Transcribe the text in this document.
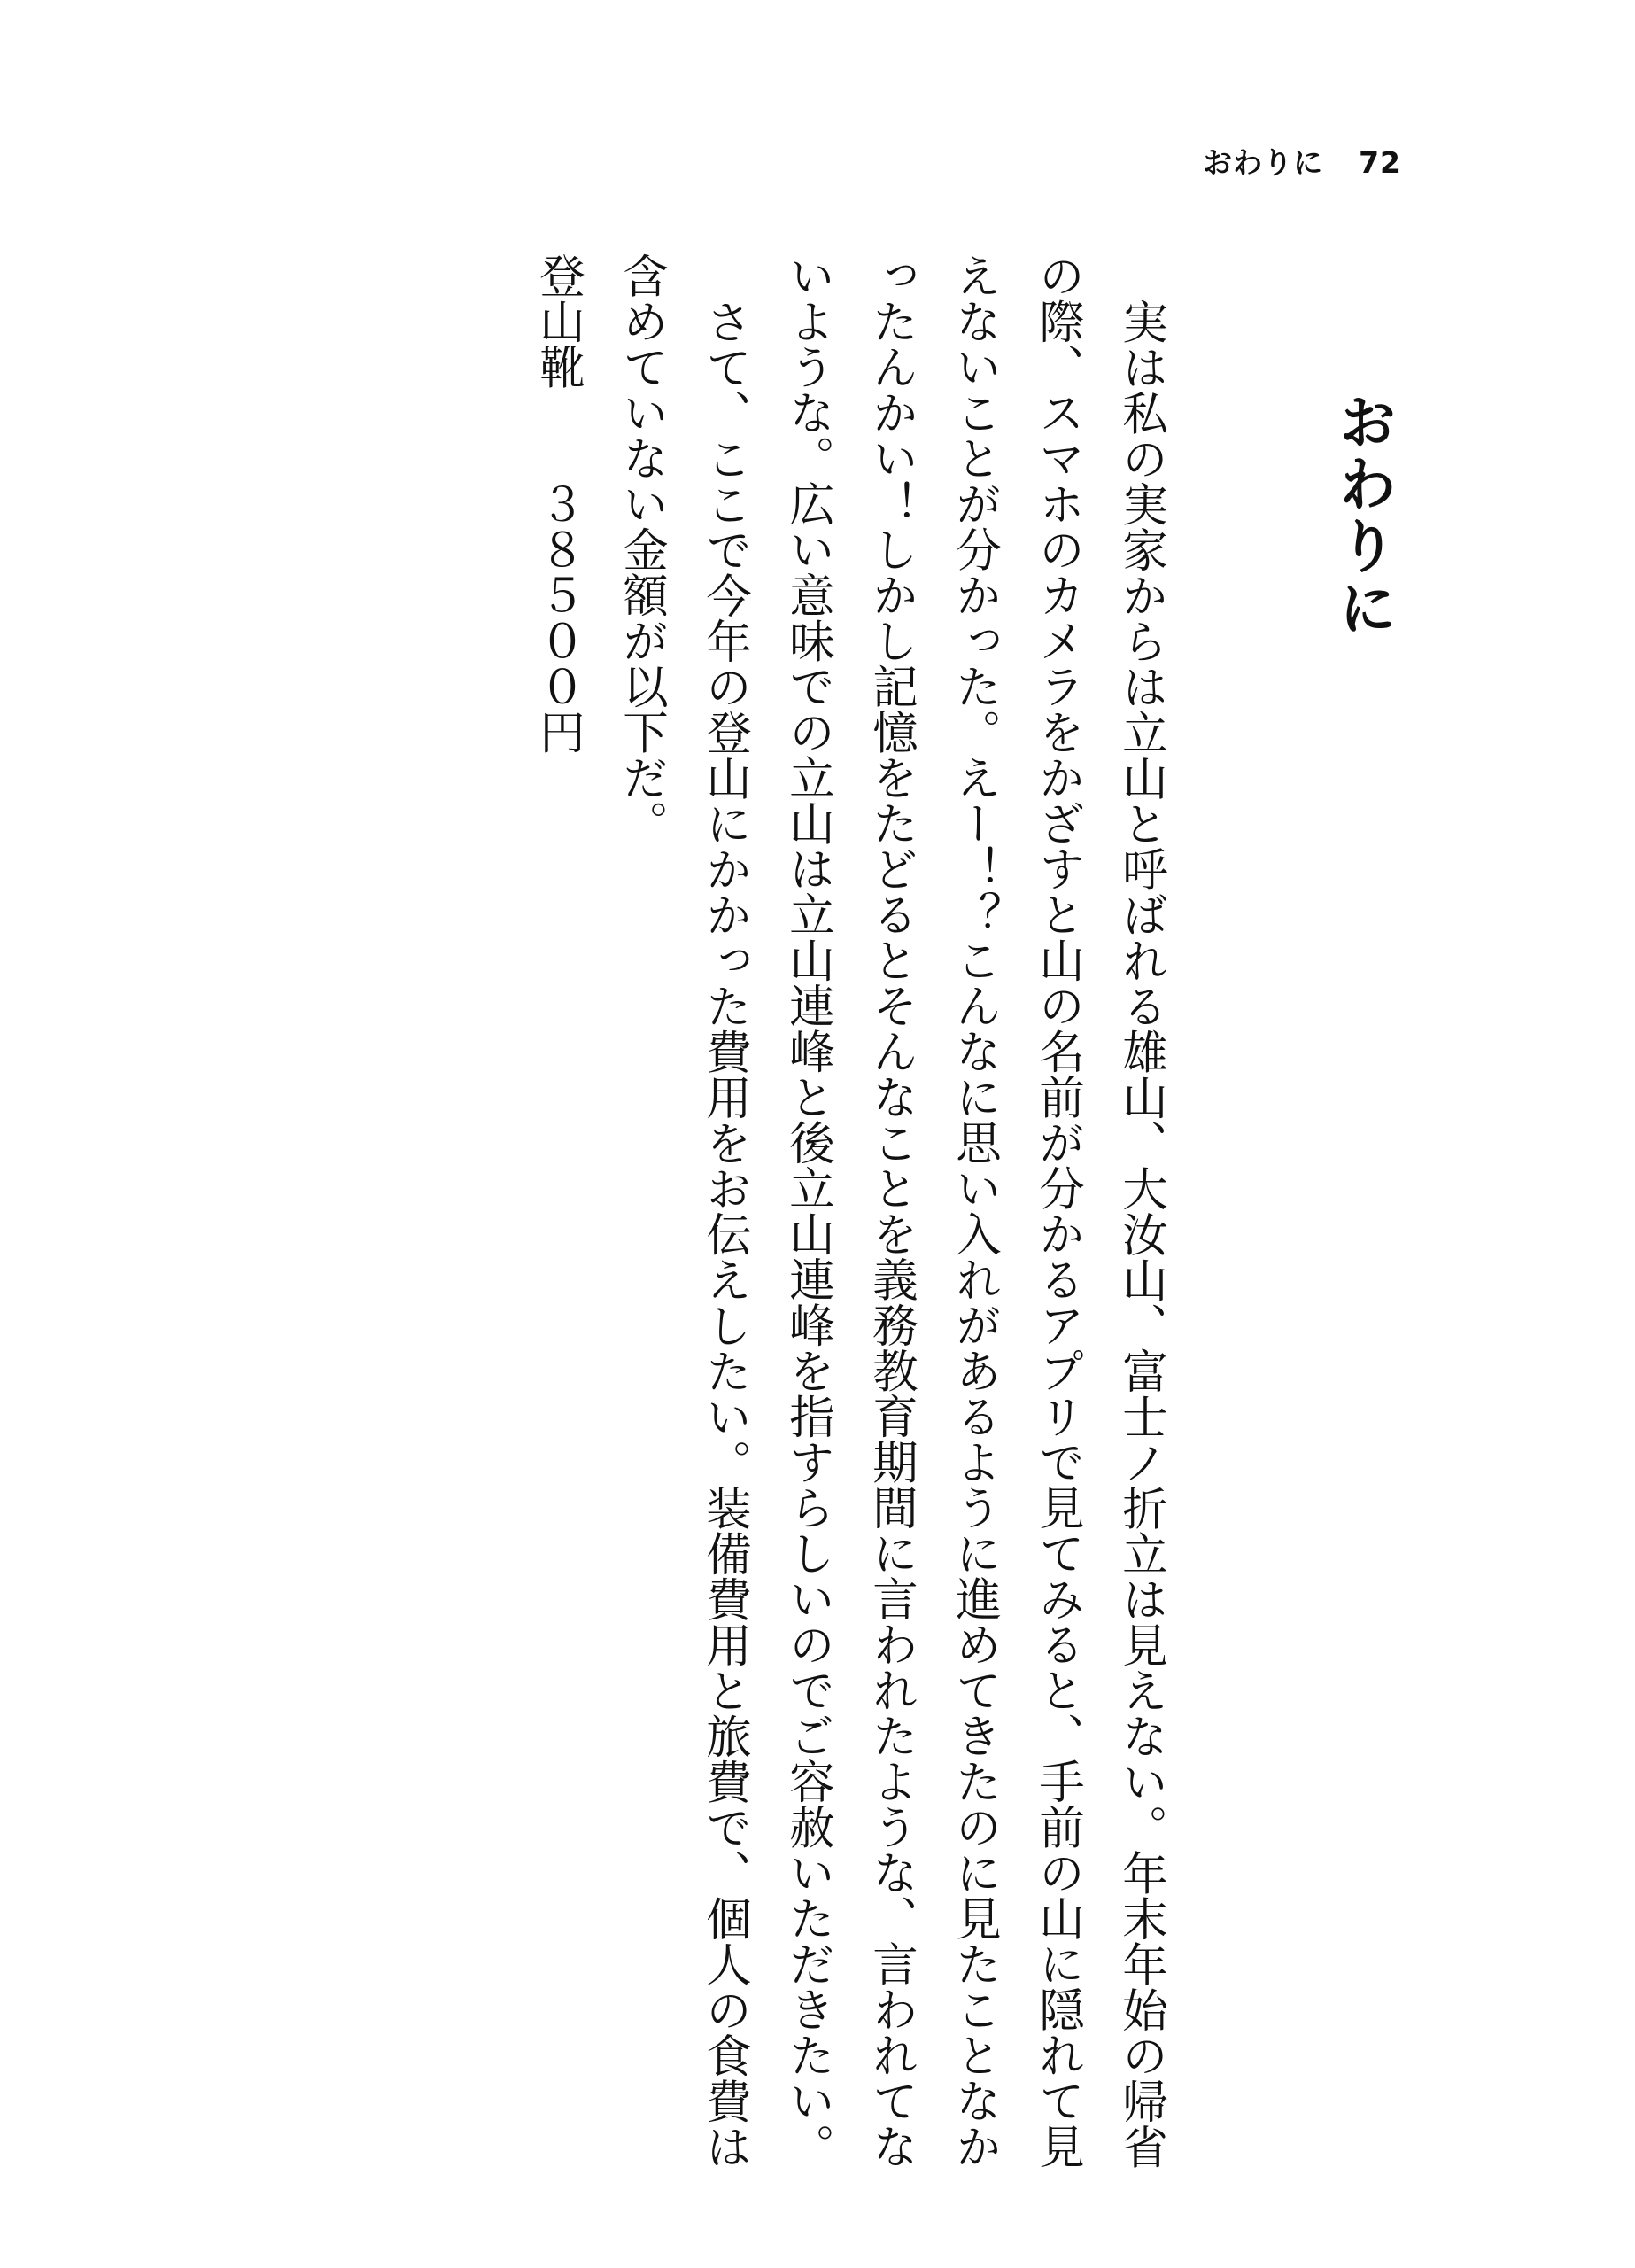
おわりに 72
おわりに

実は私の実家からは立山と呼ばれる雄山、大汝山、富士ノ折立は見えない。年末年始の帰省の際、スマホのカメラをかざすと山の名前が分かるアプリで見てみると、手前の山に隠れて見えないことが分かった。えー！？こんなに思い入れがあるように進めてきたのに見たことなかったんかい！しかし記憶をたどるとそんなことを義務教育期間に言われたような、言われてないような。広い意味での立山は立山連峰と後立山連峰を指すらしいのでご容赦いただきたい。

さて、ここで今年の登山にかかった費用をお伝えしたい。装備費用と旅費で、個人の食費は含めていない金額が以下だ。

登山靴　　３８５００円
